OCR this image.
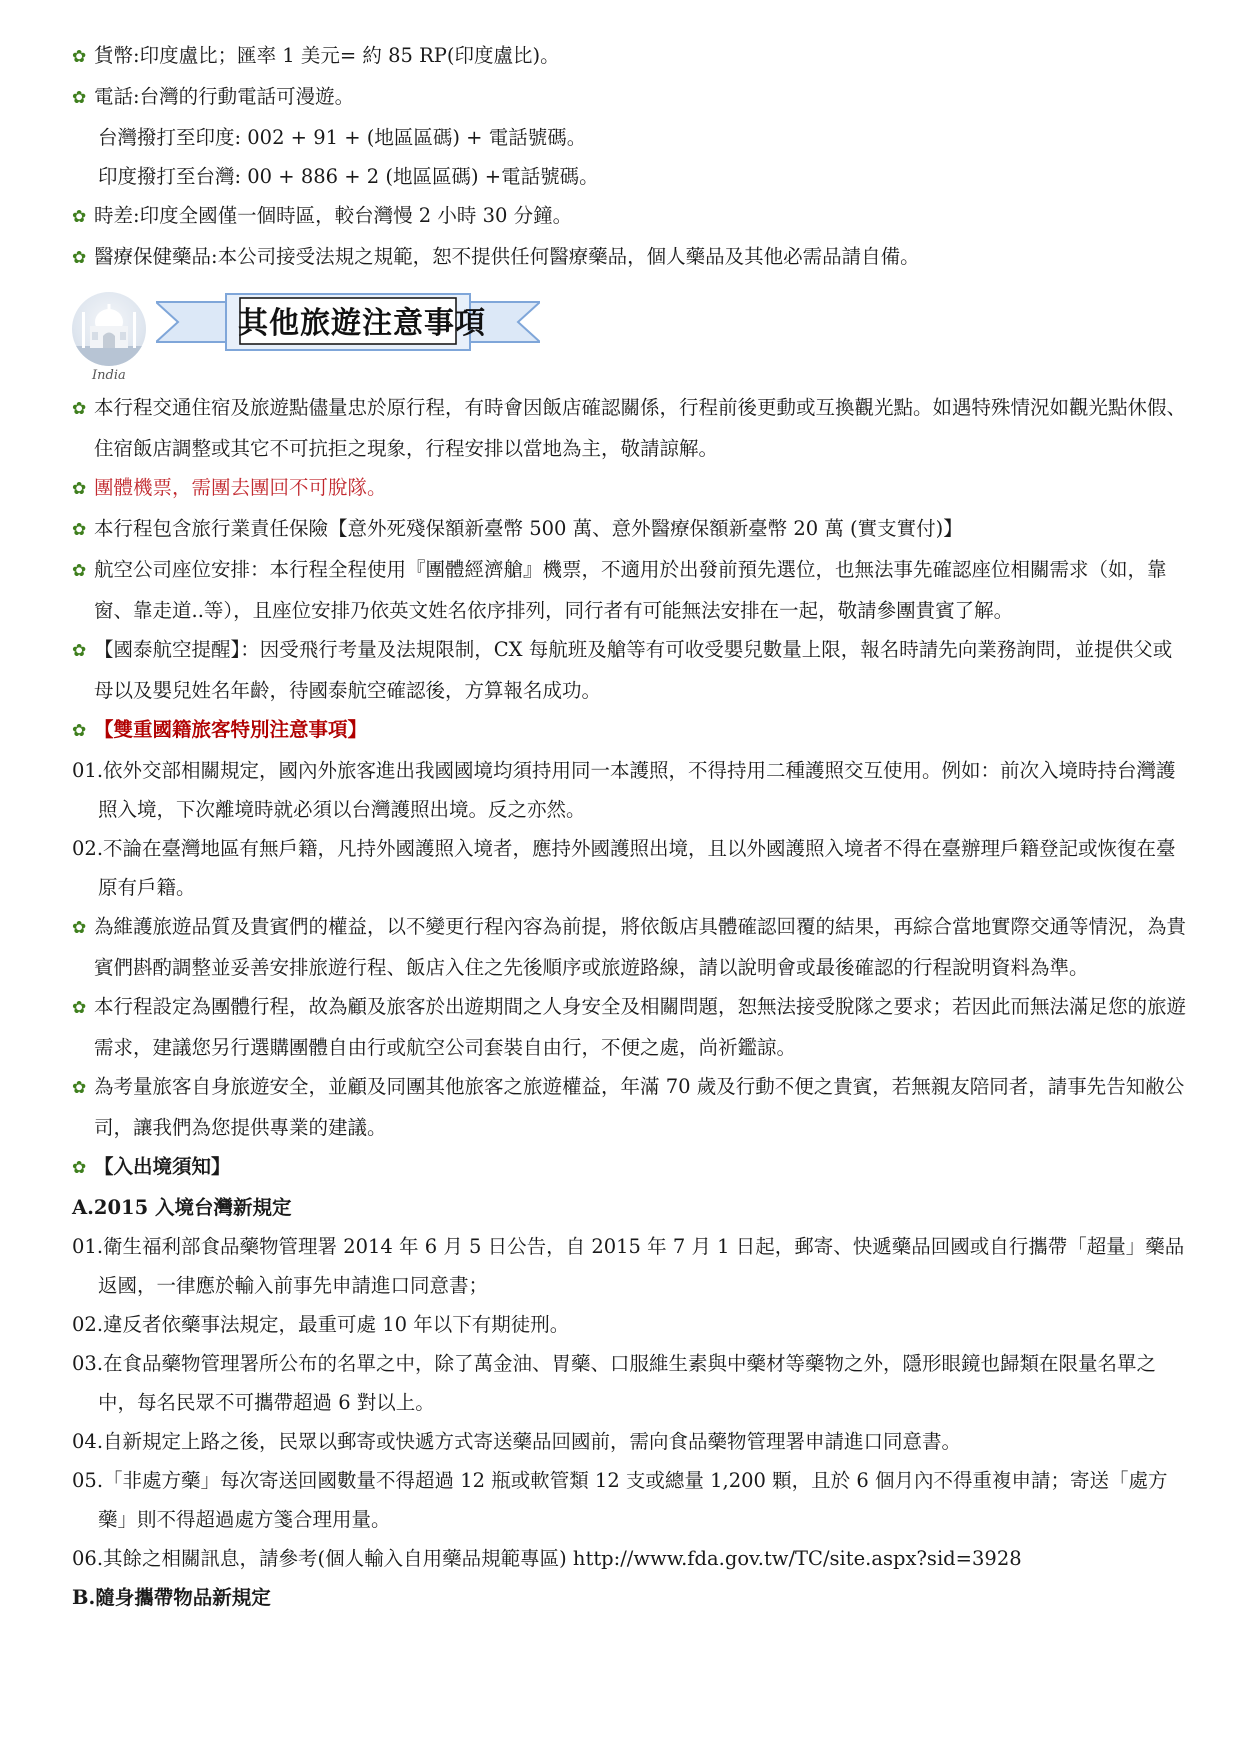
✿ 貨幣:印度盧比；匯率 1 美元= 約 85 RP(印度盧比)。
✿ 電話:台灣的行動電話可漫遊。
台灣撥打至印度: 002 + 91 + (地區區碼) + 電話號碼。
印度撥打至台灣: 00 + 886 + 2 (地區區碼) +電話號碼。
✿ 時差:印度全國僅一個時區，較台灣慢 2 小時 30 分鐘。
✿ 醫療保健藥品:本公司接受法規之規範，恕不提供任何醫療藥品，個人藥品及其他必需品請自備。
India
其他旅遊注意事項

✿ 本行程交通住宿及旅遊點儘量忠於原行程，有時會因飯店確認關係，行程前後更動或互換觀光點。如遇特殊情況如觀光點休假、住宿飯店調整或其它不可抗拒之現象，行程安排以當地為主，敬請諒解。

✿ 團體機票，需團去團回不可脫隊。

✿ 本行程包含旅行業責任保險【意外死殘保額新臺幣 500 萬、意外醫療保額新臺幣 20 萬 (實支實付)】

✿ 航空公司座位安排：本行程全程使用『團體經濟艙』機票，不適用於出發前預先選位，也無法事先確認座位相關需求（如，靠窗、靠走道..等），且座位安排乃依英文姓名依序排列，同行者有可能無法安排在一起，敬請參團貴賓了解。

✿ 【國泰航空提醒】：因受飛行考量及法規限制，CX 每航班及艙等有可收受嬰兒數量上限，報名時請先向業務詢問，並提供父或母以及嬰兒姓名年齡，待國泰航空確認後，方算報名成功。

✿ 【雙重國籍旅客特別注意事項】

01.依外交部相關規定，國內外旅客進出我國國境均須持用同一本護照，不得持用二種護照交互使用。例如：前次入境時持台灣護照入境，下次離境時就必須以台灣護照出境。反之亦然。

02.不論在臺灣地區有無戶籍，凡持外國護照入境者，應持外國護照出境，且以外國護照入境者不得在臺辦理戶籍登記或恢復在臺原有戶籍。

✿ 為維護旅遊品質及貴賓們的權益，以不變更行程內容為前提，將依飯店具體確認回覆的結果，再綜合當地實際交通等情況，為貴賓們斟酌調整並妥善安排旅遊行程、飯店入住之先後順序或旅遊路線，請以說明會或最後確認的行程說明資料為準。

✿ 本行程設定為團體行程，故為顧及旅客於出遊期間之人身安全及相關問題，恕無法接受脫隊之要求；若因此而無法滿足您的旅遊需求，建議您另行選購團體自由行或航空公司套裝自由行，不便之處，尚祈鑑諒。

✿ 為考量旅客自身旅遊安全，並顧及同團其他旅客之旅遊權益，年滿 70 歲及行動不便之貴賓，若無親友陪同者，請事先告知敝公司，讓我們為您提供專業的建議。

✿ 【入出境須知】

A.2015 入境台灣新規定

01.衛生福利部食品藥物管理署 2014 年 6 月 5 日公告，自 2015 年 7 月 1 日起，郵寄、快遞藥品回國或自行攜帶「超量」藥品返國，一律應於輸入前事先申請進口同意書；

02.違反者依藥事法規定，最重可處 10 年以下有期徒刑。

03.在食品藥物管理署所公布的名單之中，除了萬金油、胃藥、口服維生素與中藥材等藥物之外，隱形眼鏡也歸類在限量名單之中，每名民眾不可攜帶超過 6 對以上。

04.自新規定上路之後，民眾以郵寄或快遞方式寄送藥品回國前，需向食品藥物管理署申請進口同意書。

05.「非處方藥」每次寄送回國數量不得超過 12 瓶或軟管類 12 支或總量 1,200 顆，且於 6 個月內不得重複申請；寄送「處方藥」則不得超過處方箋合理用量。

06.其餘之相關訊息，請參考(個人輸入自用藥品規範專區) http://www.fda.gov.tw/TC/site.aspx?sid=3928

B.隨身攜帶物品新規定
